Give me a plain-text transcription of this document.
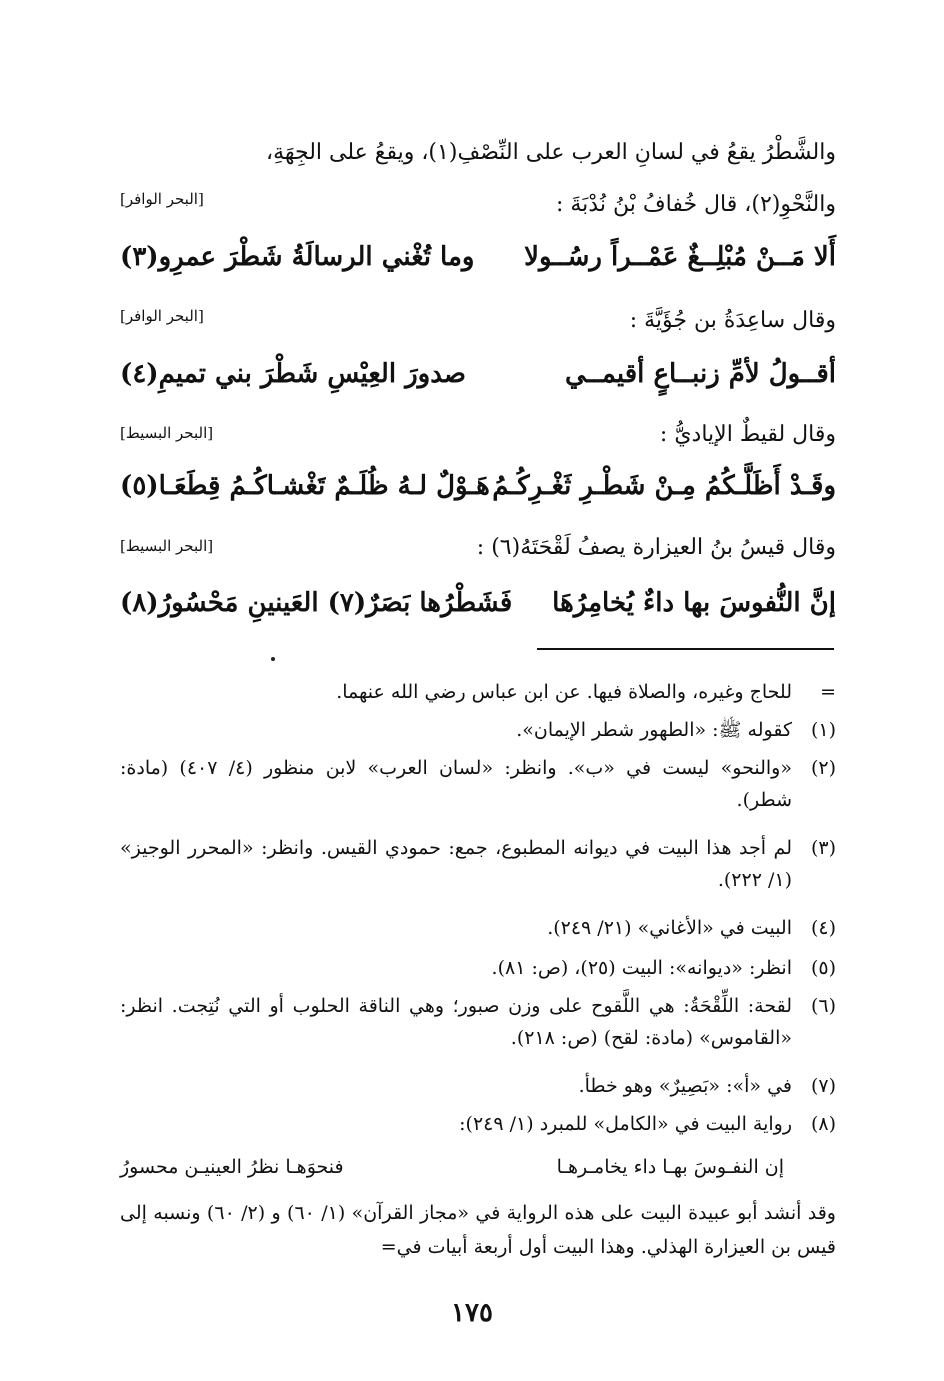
والشَّطْرُ يقعُ في لسانِ العرب على النِّصْفِ(١)، ويقعُ على الجِهَةِ،
والنَّحْوِ(٢)، قال خُفافُ بْنُ نُدْبَةَ :
[البحر الوافر]
أَلا مَــنْ مُبْلِــغٌ عَمْــراً رسُــولا
وما تُغْني الرسالَةُ شَطْرَ عمرِو(٣)
وقال ساعِدَةُ بن جُؤَيَّةَ :
[البحر الوافر]
أقــولُ لأمِّ زنبــاعٍ أقيمــي
صدورَ العِيْسِ شَطْرَ بني تميمِ(٤)
وقال لقيطٌ الإياديُّ :
[البحر البسيط]
وقَـدْ أَظَلَّـكُمُ مِـنْ شَطْـرِ ثَغْـرِكُـمُ
هَـوْلٌ لـهُ ظُلَـمٌ تَغْشـاكُـمُ قِطَعَـا(٥)
وقال قيسُ بنُ العيزارة يصفُ لَقْحَتَهُ(٦) :
[البحر البسيط]
إنَّ النُّفوسَ بها داءٌ يُخامِرُهَا
فَشَطْرُها بَصَرٌ(٧) العَينينِ مَحْسُورُ(٨)
=
للحاج وغيره، والصلاة فيها. عن ابن عباس رضي الله عنهما.
(١)
كقوله ﷺ: «الطهور شطر الإيمان».
(٢)
«والنحو» ليست في «ب». وانظر: «لسان العرب» لابن منظور (٤/ ٤٠٧) (مادة: شطر).
(٣)
لم أجد هذا البيت في ديوانه المطبوع، جمع: حمودي القيس. وانظر: «المحرر الوجيز» (١/ ٢٢٢).
(٤)
البيت في «الأغاني» (٢١/ ٢٤٩).
(٥)
انظر: «ديوانه»: البيت (٢٥)، (ص: ٨١).
(٦)
لقحة: اللِّقْحَةُ: هي اللَّقوح على وزن صبور؛ وهي الناقة الحلوب أو التي نُتِجت. انظر: «القاموس» (مادة: لقح) (ص: ٢١٨).
(٧)
في «أ»: «بَصِيرٌ» وهو خطأ.
(٨)
رواية البيت في «الكامل» للمبرد (١/ ٢٤٩):
إن النفـوسَ بهـا داء يخامـرهـا
فنحوَهـا نظرُ العينيـن محسورُ
وقد أنشد أبو عبيدة البيت على هذه الرواية في «مجاز القرآن» (١/ ٦٠) و (٢/ ٦٠) ونسبه إلى قيس بن العيزارة الهذلي. وهذا البيت أول أربعة أبيات في=
١٧٥
